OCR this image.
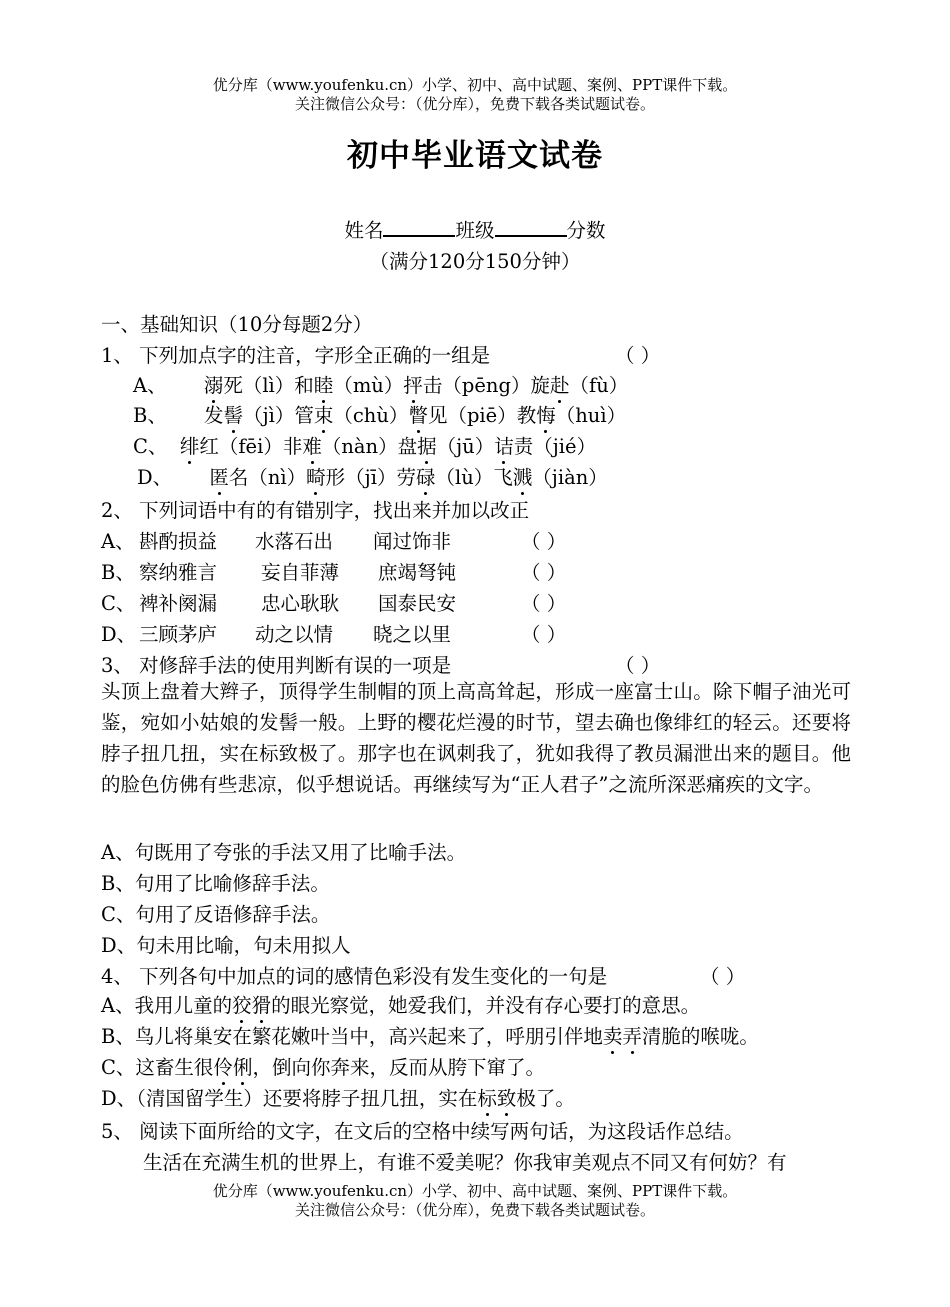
优分库（www.youfenku.cn）小学、初中、高中试题、案例、PPT课件下载。
关注微信公众号：（优分库），免费下载各类试题试卷。
初中毕业语文试卷
姓名	班级	分数
（满分120分150分钟）
一、基础知识（10分每题2分）
1、 下列加点字的注音，字形全正确的一组是	（ ）
A、 溺死（lì）和睦（mù）抨击（pēng）旋赴（fù）
B、 发髻（jì）管束（chù）瞥见（piē）教悔（huì）
C、 绯红（fēi）非难（nàn）盘据（jū）诘责（jié）
D、 匿名（nì）畸形（jī）劳碌（lù）飞溅（jiàn）
2、 下列词语中有的有错别字，找出来并加以改正
A、 斟酌损益 水落石出 闻过饰非	（ ）
B、 察纳雅言 妄自菲薄 庶竭弩钝	（ ）
C、 裨补阕漏 忠心耿耿 国泰民安	（ ）
D、 三顾茅庐 动之以情 晓之以里	（ ）
3、 对修辞手法的使用判断有误的一项是	（ ）
头顶上盘着大辫子，顶得学生制帽的顶上高高耸起，形成一座富士山。除下帽子油光可鉴，宛如小姑娘的发髻一般。上野的樱花烂漫的时节，望去确也像绯红的轻云。还要将脖子扭几扭，实在标致极了。那字也在讽刺我了，犹如我得了教员漏泄出来的题目。他的脸色仿佛有些悲凉，似乎想说话。再继续写为“正人君子”之流所深恶痛疾的文字。
A、句既用了夸张的手法又用了比喻手法。
B、句用了比喻修辞手法。
C、句用了反语修辞手法。
D、句未用比喻，句未用拟人
4、 下列各句中加点的词的感情色彩没有发生变化的一句是	（ ）
A、我用儿童的狡猾的眼光察觉，她爱我们，并没有存心要打的意思。
B、鸟儿将巢安在繁花嫩叶当中，高兴起来了，呼朋引伴地卖弄清脆的喉咙。
C、这畜生很伶俐，倒向你奔来，反而从胯下窜了。
D、（清国留学生）还要将脖子扭几扭，实在标致极了。
5、 阅读下面所给的文字，在文后的空格中续写两句话，为这段话作总结。
生活在充满生机的世界上，有谁不爱美呢？你我审美观点不同又有何妨？有
优分库（www.youfenku.cn）小学、初中、高中试题、案例、PPT课件下载。
关注微信公众号：（优分库），免费下载各类试题试卷。
